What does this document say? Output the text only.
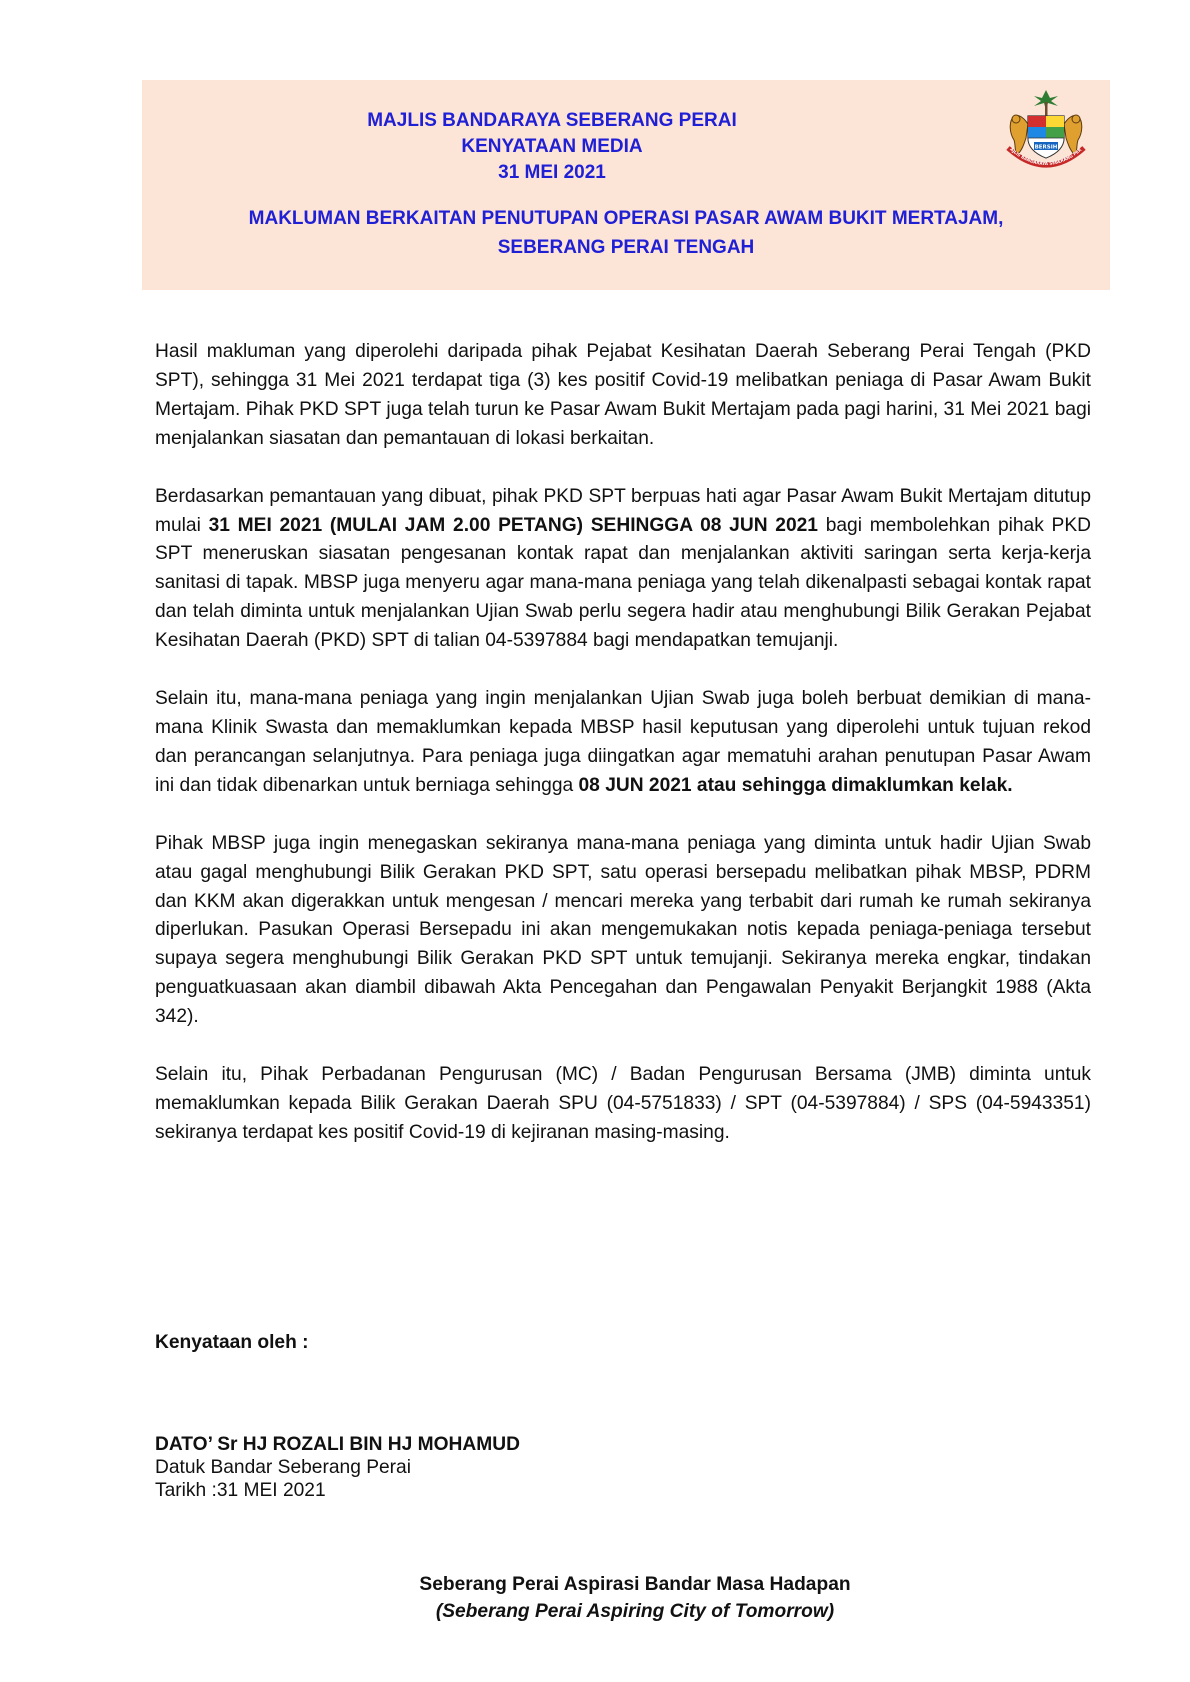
MAJLIS BANDARAYA SEBERANG PERAI
KENYATAAN MEDIA
31 MEI 2021
MAKLUMAN BERKAITAN PENUTUPAN OPERASI PASAR AWAM BUKIT MERTAJAM,
SEBERANG PERAI TENGAH
BERSIH
AJLIS BANDARAYA SEBERANG PER

Hasil makluman yang diperolehi daripada pihak Pejabat Kesihatan Daerah Seberang Perai Tengah (PKD SPT), sehingga 31 Mei 2021 terdapat tiga (3) kes positif Covid-19 melibatkan peniaga di Pasar Awam Bukit Mertajam. Pihak PKD SPT juga telah turun ke Pasar Awam Bukit Mertajam pada pagi harini, 31 Mei 2021 bagi menjalankan siasatan dan pemantauan di lokasi berkaitan.

Berdasarkan pemantauan yang dibuat, pihak PKD SPT berpuas hati agar Pasar Awam Bukit Mertajam ditutup mulai 31 MEI 2021 (MULAI JAM 2.00 PETANG) SEHINGGA 08 JUN 2021 bagi membolehkan pihak PKD SPT meneruskan siasatan pengesanan kontak rapat dan menjalankan aktiviti saringan serta kerja-kerja sanitasi di tapak. MBSP juga menyeru agar mana-mana peniaga yang telah dikenalpasti sebagai kontak rapat dan telah diminta untuk menjalankan Ujian Swab perlu segera hadir atau menghubungi Bilik Gerakan Pejabat Kesihatan Daerah (PKD) SPT di talian 04-5397884 bagi mendapatkan temujanji.

Selain itu, mana-mana peniaga yang ingin menjalankan Ujian Swab juga boleh berbuat demikian di mana-mana Klinik Swasta dan memaklumkan kepada MBSP hasil keputusan yang diperolehi untuk tujuan rekod dan perancangan selanjutnya. Para peniaga juga diingatkan agar mematuhi arahan penutupan Pasar Awam ini dan tidak dibenarkan untuk berniaga sehingga 08 JUN 2021 atau sehingga dimaklumkan kelak.

Pihak MBSP juga ingin menegaskan sekiranya mana-mana peniaga yang diminta untuk hadir Ujian Swab atau gagal menghubungi Bilik Gerakan PKD SPT, satu operasi bersepadu melibatkan pihak MBSP, PDRM dan KKM akan digerakkan untuk mengesan / mencari mereka yang terbabit dari rumah ke rumah sekiranya diperlukan. Pasukan Operasi Bersepadu ini akan mengemukakan notis kepada peniaga-peniaga tersebut supaya segera menghubungi Bilik Gerakan PKD SPT untuk temujanji. Sekiranya mereka engkar, tindakan penguatkuasaan akan diambil dibawah Akta Pencegahan dan Pengawalan Penyakit Berjangkit 1988 (Akta 342).

Selain itu, Pihak Perbadanan Pengurusan (MC) / Badan Pengurusan Bersama (JMB) diminta untuk memaklumkan kepada Bilik Gerakan Daerah SPU (04-5751833) / SPT (04-5397884) / SPS (04-5943351) sekiranya terdapat kes positif Covid-19 di kejiranan masing-masing.

Kenyataan oleh :
DATO’ Sr HJ ROZALI BIN HJ MOHAMUD
Datuk Bandar Seberang Perai
Tarikh :31 MEI 2021
Seberang Perai Aspirasi Bandar Masa Hadapan
(Seberang Perai Aspiring City of Tomorrow)
